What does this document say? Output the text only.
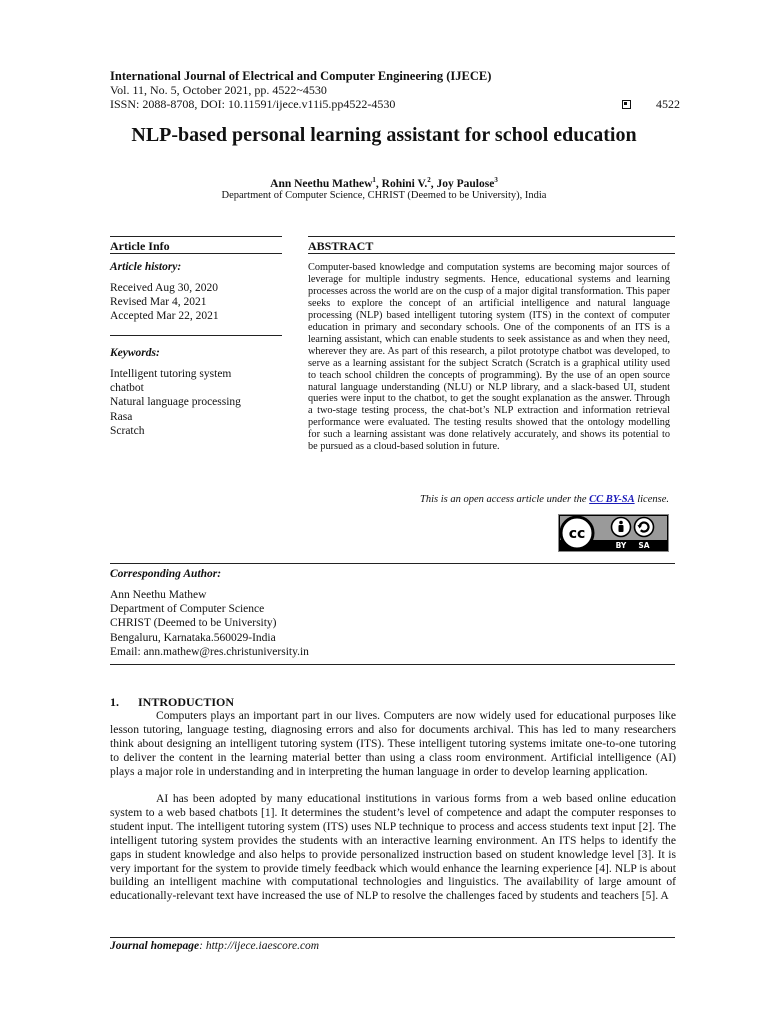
International Journal of Electrical and Computer Engineering (IJECE)
Vol. 11, No. 5, October 2021, pp. 4522~4530
ISSN: 2088-8708, DOI: 10.11591/ijece.v11i5.pp4522-4530	4522
NLP-based personal learning assistant for school education
Ann Neethu Mathew$^1$, Rohini V.$^2$, Joy Paulose$^3$
Department of Computer Science, CHRIST (Deemed to be University), India
Article Info
Article history:
Received Aug 30, 2020
Revised Mar 4, 2021
Accepted Mar 22, 2021
Keywords:
Intelligent tutoring system
chatbot
Natural language processing
Rasa
Scratch
ABSTRACT
Computer-based knowledge and computation systems are becoming major sources of leverage for multiple industry segments. Hence, educational systems and learning processes across the world are on the cusp of a major digital transformation. This paper seeks to explore the concept of an artificial intelligence and natural language processing (NLP) based intelligent tutoring system (ITS) in the context of computer education in primary and secondary schools. One of the components of an ITS is a learning assistant, which can enable students to seek assistance as and when they need, wherever they are. As part of this research, a pilot prototype chatbot was developed, to serve as a learning assistant for the subject Scratch (Scratch is a graphical utility used to teach school children the concepts of programming). By the use of an open source natural language understanding (NLU) or NLP library, and a slack-based UI, student queries were input to the chatbot, to get the sought explanation as the answer. Through a two-stage testing process, the chat-bot’s NLP extraction and information retrieval performance were evaluated. The testing results showed that the ontology modelling for such a learning assistant was done relatively accurately, and shows its potential to be pursued as a cloud-based solution in future.
This is an open access article under the CC BY-SA license.
cc
BY SA
Corresponding Author:
Ann Neethu Mathew
Department of Computer Science
CHRIST (Deemed to be University)
Bengaluru, Karnataka.560029-India
Email: ann.mathew@res.christuniversity.in
1. INTRODUCTION
Computers plays an important part in our lives. Computers are now widely used for educational purposes like lesson tutoring, language testing, diagnosing errors and also for documents archival. This has led to many researchers think about designing an intelligent tutoring system (ITS). These intelligent tutoring systems imitate one-to-one tutoring to deliver the content in the learning material better than using a class room environment. Artificial intelligence (AI) plays a major role in understanding and in interpreting the human language in order to develop learning application.
AI has been adopted by many educational institutions in various forms from a web based online education system to a web based chatbots [1]. It determines the student’s level of competence and adapt the computer responses to student input. The intelligent tutoring system (ITS) uses NLP technique to process and access students text input [2]. The intelligent tutoring system provides the students with an interactive learning environment. An ITS helps to identify the gaps in student knowledge and also helps to provide personalized instruction based on student knowledge level [3]. It is very important for the system to provide timely feedback which would enhance the learning experience [4]. NLP is about building an intelligent machine with computational technologies and linguistics. The availability of large amount of educationally-relevant text have increased the use of NLP to resolve the challenges faced by students and teachers [5]. A
Journal homepage: http://ijece.iaescore.com
